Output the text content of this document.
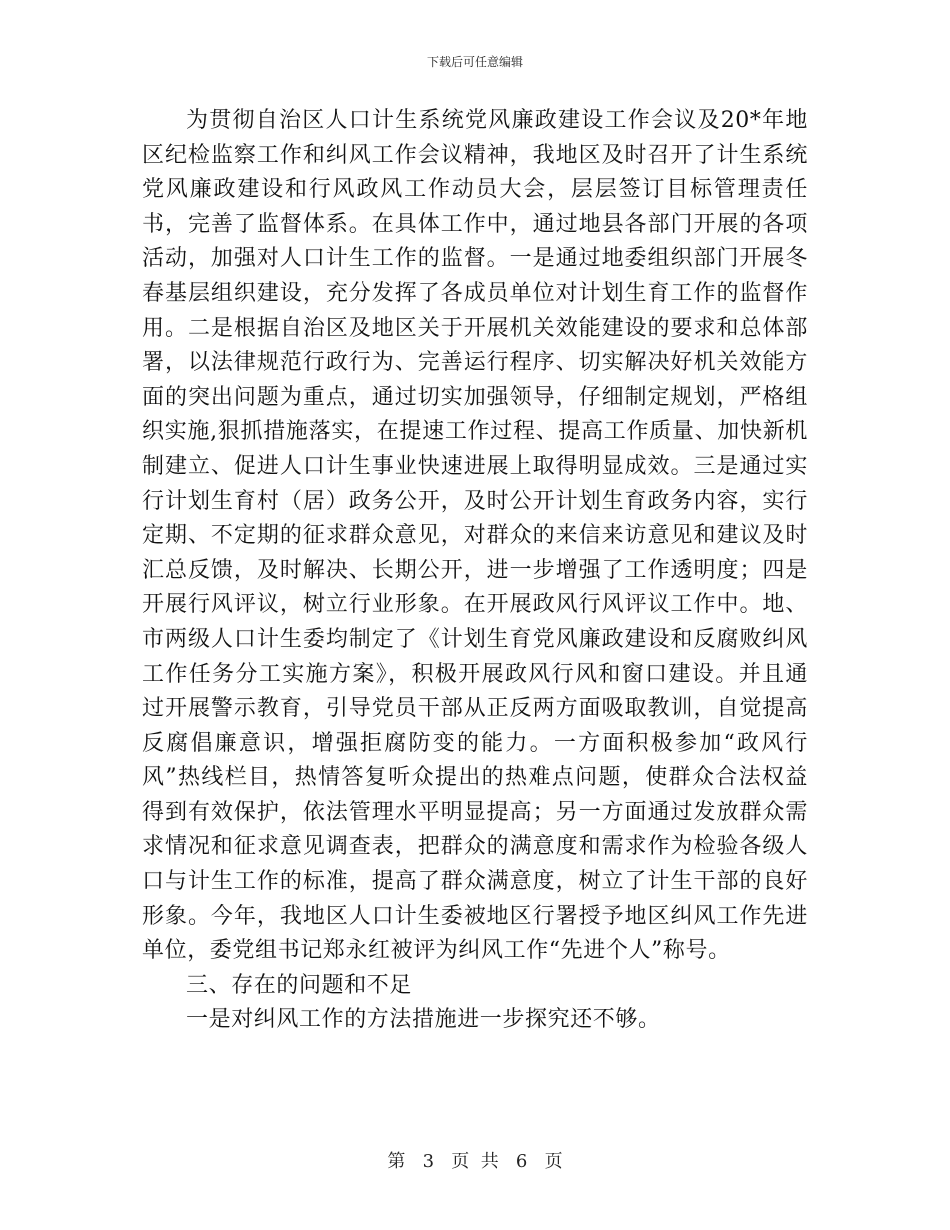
下载后可任意编辑

为贯彻自治区人口计生系统党风廉政建设工作会议及20*年地区纪检监察工作和纠风工作会议精神，我地区及时召开了计生系统党风廉政建设和行风政风工作动员大会，层层签订目标管理责任书，完善了监督体系。在具体工作中，通过地县各部门开展的各项活动，加强对人口计生工作的监督。一是通过地委组织部门开展冬春基层组织建设，充分发挥了各成员单位对计划生育工作的监督作用。二是根据自治区及地区关于开展机关效能建设的要求和总体部署，以法律规范行政行为、完善运行程序、切实解决好机关效能方面的突出问题为重点，通过切实加强领导，仔细制定规划，严格组织实施,狠抓措施落实，在提速工作过程、提高工作质量、加快新机制建立、促进人口计生事业快速进展上取得明显成效。三是通过实行计划生育村（居）政务公开，及时公开计划生育政务内容，实行定期、不定期的征求群众意见，对群众的来信来访意见和建议及时汇总反馈，及时解决、长期公开，进一步增强了工作透明度；四是开展行风评议，树立行业形象。在开展政风行风评议工作中。地、市两级人口计生委均制定了《计划生育党风廉政建设和反腐败纠风工作任务分工实施方案》，积极开展政风行风和窗口建设。并且通过开展警示教育，引导党员干部从正反两方面吸取教训，自觉提高反腐倡廉意识，增强拒腐防变的能力。一方面积极参加“政风行风”热线栏目，热情答复听众提出的热难点问题，使群众合法权益得到有效保护，依法管理水平明显提高；另一方面通过发放群众需求情况和征求意见调查表，把群众的满意度和需求作为检验各级人口与计生工作的标准，提高了群众满意度，树立了计生干部的良好形象。今年，我地区人口计生委被地区行署授予地区纠风工作先进单位，委党组书记郑永红被评为纠风工作“先进个人”称号。

三、存在的问题和不足

一是对纠风工作的方法措施进一步探究还不够。

第 3 页  共 6 页
